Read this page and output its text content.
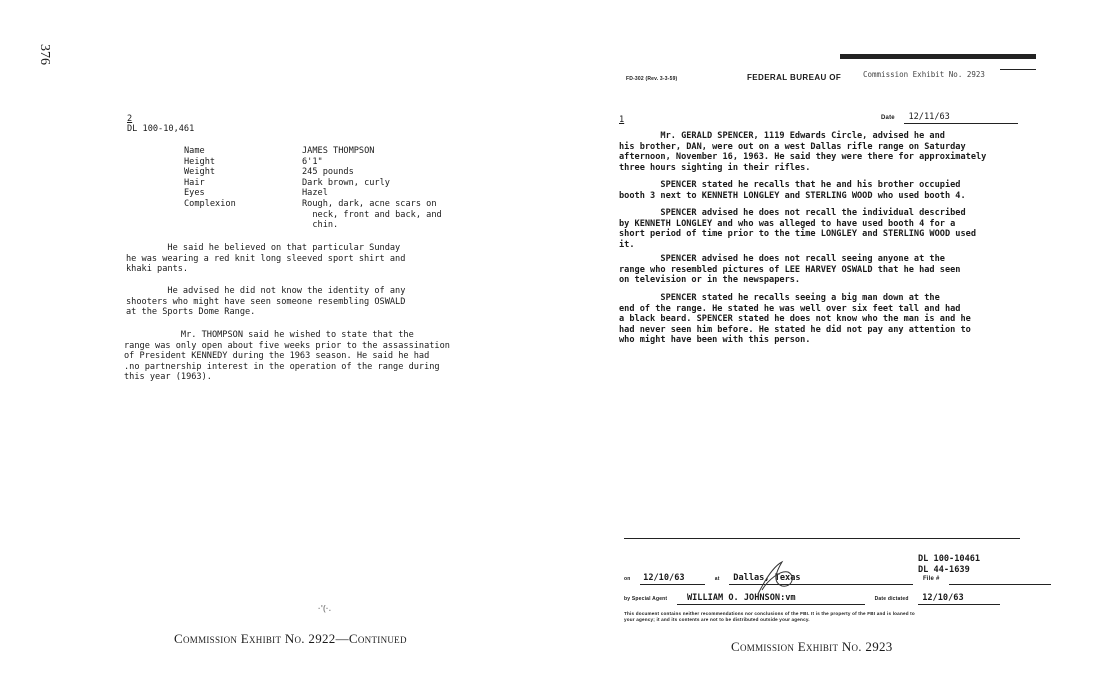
376
2
DL 100-10,461
Name	JAMES THOMPSON
Height	6'1"
Weight	245 pounds
Hair	Dark brown, curly
Eyes	Hazel
Complexion	Rough, dark, acne scars on
neck, front and back, and
chin.
He said he believed on that particular Sunday
he was wearing a red knit long sleeved sport shirt and
khaki pants.
He advised he did not know the identity of any
shooters who might have seen someone resembling OSWALD
at the Sports Dome Range.
Mr. THOMPSON said he wished to state that the
range was only open about five weeks prior to the assassination
of President KENNEDY during the 1963 season. He said he had
.no partnership interest in the operation of the range during
this year (1963).
·'(·.
Commission Exhibit No. 2922—Continued
FD-302 (Rev. 3-3-59)	FEDERAL BUREAU OF	Commission Exhibit No. 2923
Date 12/11/63
1
Mr. GERALD SPENCER, 1119 Edwards Circle, advised he and
his brother, DAN, were out on a west Dallas rifle range on Saturday
afternoon, November 16, 1963. He said they were there for approximately
three hours sighting in their rifles.
SPENCER stated he recalls that he and his brother occupied
booth 3 next to KENNETH LONGLEY and STERLING WOOD who used booth 4.
SPENCER advised he does not recall the individual described
by KENNETH LONGLEY and who was alleged to have used booth 4 for a
short period of time prior to the time LONGLEY and STERLING WOOD used
it.
SPENCER advised he does not recall seeing anyone at the
range who resembled pictures of LEE HARVEY OSWALD that he had seen
on television or in the newspapers.
SPENCER stated he recalls seeing a big man down at the
end of the range. He stated he was well over six feet tall and had
a black beard. SPENCER stated he does not know who the man is and he
had never seen him before. He stated he did not pay any attention to
who might have been with this person.
DL 100-10461
DL 44-1639
on 12/10/63	at Dallas, Texas	File #
by Special Agent WILLIAM O. JOHNSON:vm	Date dictated 12/10/63
This document contains neither recommendations nor conclusions of the FBI. It is the property of the FBI and is loaned to
your agency; it and its contents are not to be distributed outside your agency.
Commission Exhibit No. 2923
